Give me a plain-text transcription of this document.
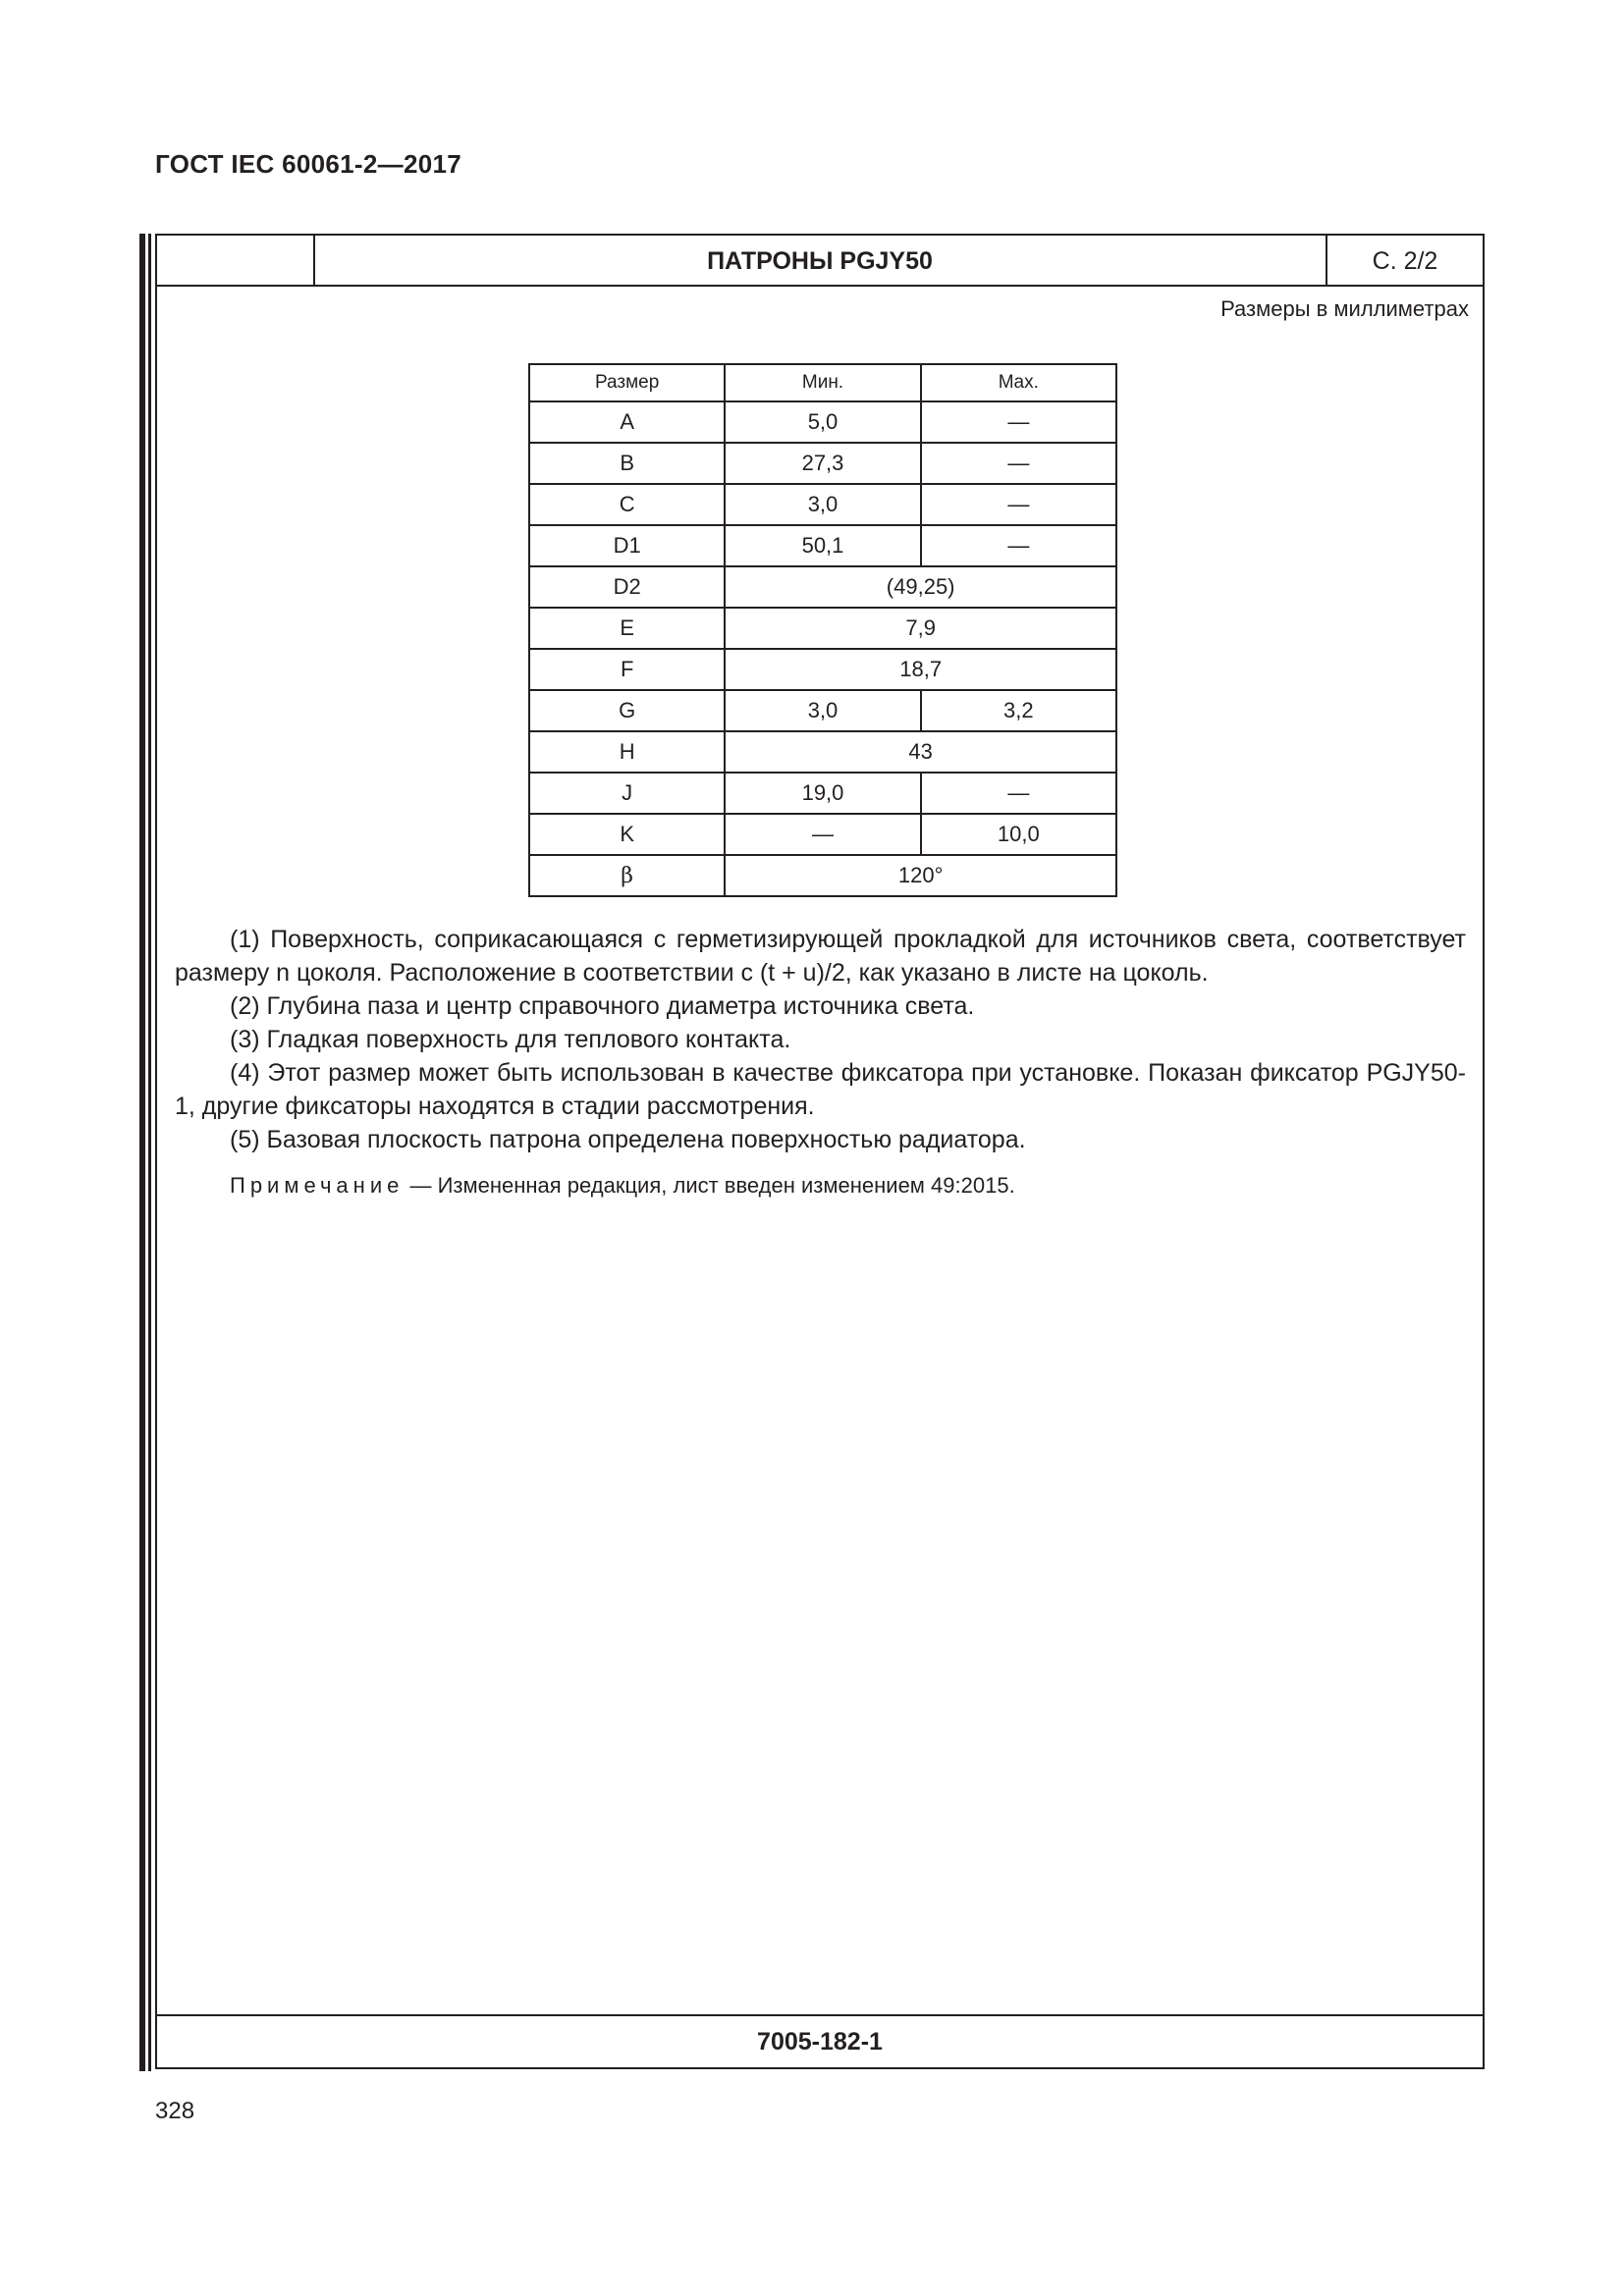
ГОСТ IEC 60061-2—2017
ПАТРОНЫ PGJY50	С. 2/2
Размеры в миллиметрах
Размер	Мин.	Max.
A	5,0	—
B	27,3	—
C	3,0	—
D1	50,1	—
D2	(49,25)	
E	7,9	
F	18,7	
G	3,0	3,2
H	43	
J	19,0	—
K	—	10,0
β	120°	

(1) Поверхность, соприкасающаяся с герметизирующей прокладкой для источников света, соответствует размеру n цоколя. Расположение в соответствии с (t + u)/2, как указано в листе на цоколь.

(2) Глубина паза и центр справочного диаметра источника света.

(3) Гладкая поверхность для теплового контакта.

(4) Этот размер может быть использован в качестве фиксатора при установке. Показан фиксатор PGJY50-1, другие фиксаторы находятся в стадии рассмотрения.

(5) Базовая плоскость патрона определена поверхностью радиатора.

Примечание — Измененная редакция, лист введен изменением 49:2015.
7005-182-1
328
